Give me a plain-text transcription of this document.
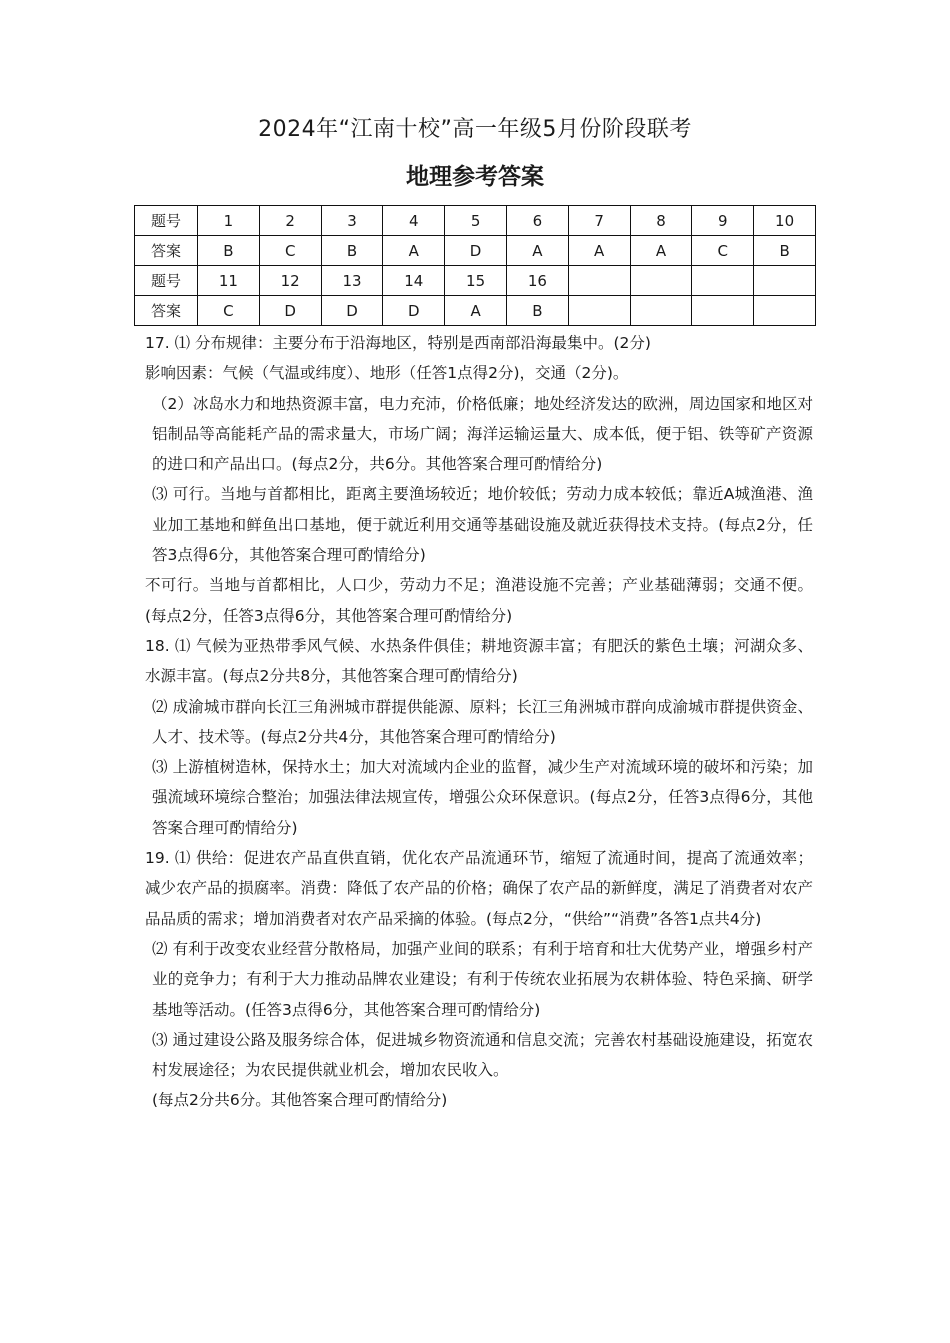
2024年“江南十校”高一年级5月份阶段联考
地理参考答案
题号	1	2	3	4	5	6	7	8	9	10
答案	B	C	B	A	D	A	A	A	C	B
题号	11	12	13	14	15	16				
答案	C	D	D	D	A	B				

17. ⑴ 分布规律：主要分布于沿海地区，特别是西南部沿海最集中。(2分)

影响因素：气候（气温或纬度）、地形（任答1点得2分)，交通（2分)。

（2）冰岛水力和地热资源丰富，电力充沛，价格低廉；地处经济发达的欧洲，周边国家和地区对铝制品等高能耗产品的需求量大，市场广阔；海洋运输运量大、成本低，便于铝、铁等矿产资源的进口和产品出口。(每点2分，共6分。其他答案合理可酌情给分)

⑶ 可行。当地与首都相比，距离主要渔场较近；地价较低；劳动力成本较低；靠近A城渔港、渔业加工基地和鲜鱼出口基地，便于就近利用交通等基础设施及就近获得技术支持。(每点2分，任答3点得6分，其他答案合理可酌情给分)

不可行。当地与首都相比，人口少，劳动力不足；渔港设施不完善；产业基础薄弱；交通不便。(每点2分，任答3点得6分，其他答案合理可酌情给分)

18. ⑴ 气候为亚热带季风气候、水热条件俱佳；耕地资源丰富；有肥沃的紫色土壤；河湖众多、水源丰富。(每点2分共8分，其他答案合理可酌情给分)

⑵ 成渝城市群向长江三角洲城市群提供能源、原料；长江三角洲城市群向成渝城市群提供资金、人才、技术等。(每点2分共4分，其他答案合理可酌情给分)

⑶ 上游植树造林，保持水土；加大对流域内企业的监督，减少生产对流域环境的破坏和污染；加强流域环境综合整治；加强法律法规宣传，增强公众环保意识。(每点2分，任答3点得6分，其他答案合理可酌情给分)

19. ⑴ 供给：促进农产品直供直销，优化农产品流通环节，缩短了流通时间，提高了流通效率；减少农产品的损腐率。消费：降低了农产品的价格；确保了农产品的新鲜度，满足了消费者对农产品品质的需求；增加消费者对农产品采摘的体验。(每点2分，“供给”“消费”各答1点共4分)

⑵ 有利于改变农业经营分散格局，加强产业间的联系；有利于培育和壮大优势产业，增强乡村产业的竞争力；有利于大力推动品牌农业建设；有利于传统农业拓展为农耕体验、特色采摘、研学基地等活动。(任答3点得6分，其他答案合理可酌情给分)

⑶ 通过建设公路及服务综合体，促进城乡物资流通和信息交流；完善农村基础设施建设，拓宽农村发展途径；为农民提供就业机会，增加农民收入。

(每点2分共6分。其他答案合理可酌情给分)
